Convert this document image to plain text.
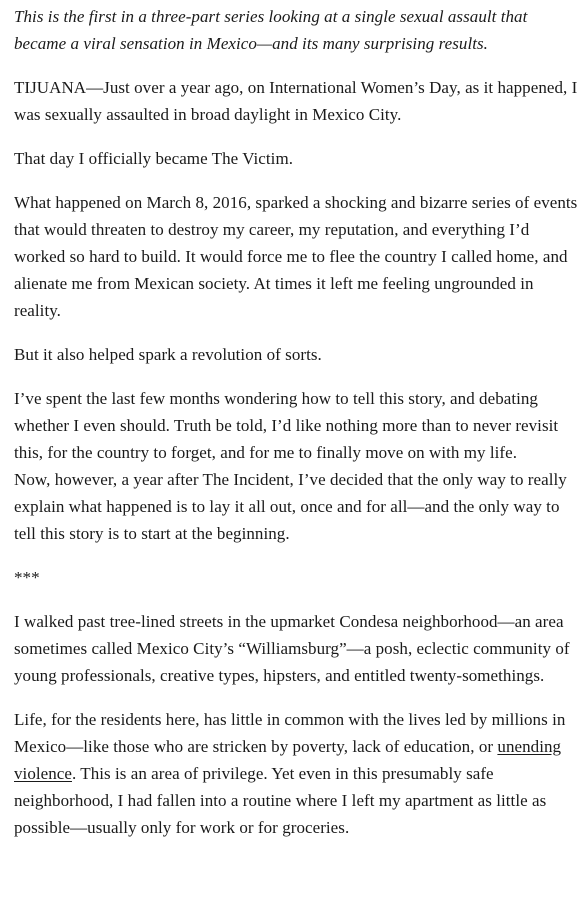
This is the first in a three-part series looking at a single sexual assault that became a viral sensation in Mexico—and its many surprising results.

TIJUANA—Just over a year ago, on International Women’s Day, as it happened, I was sexually assaulted in broad daylight in Mexico City.

That day I officially became The Victim.

What happened on March 8, 2016, sparked a shocking and bizarre series of events that would threaten to destroy my career, my reputation, and everything I’d worked so hard to build. It would force me to flee the country I called home, and alienate me from Mexican society. At times it left me feeling ungrounded in reality.

But it also helped spark a revolution of sorts.

I’ve spent the last few months wondering how to tell this story, and debating whether I even should. Truth be told, I’d like nothing more than to never revisit this, for the country to forget, and for me to finally move on with my life.

Now, however, a year after The Incident, I’ve decided that the only way to really explain what happened is to lay it all out, once and for all—and the only way to tell this story is to start at the beginning.

***

I walked past tree-lined streets in the upmarket Condesa neighborhood—an area sometimes called Mexico City’s “Williamsburg”—a posh, eclectic community of young professionals, creative types, hipsters, and entitled twenty-somethings.

Life, for the residents here, has little in common with the lives led by millions in Mexico—like those who are stricken by poverty, lack of education, or unending violence. This is an area of privilege. Yet even in this presumably safe neighborhood, I had fallen into a routine where I left my apartment as little as possible—usually only for work or for groceries.
